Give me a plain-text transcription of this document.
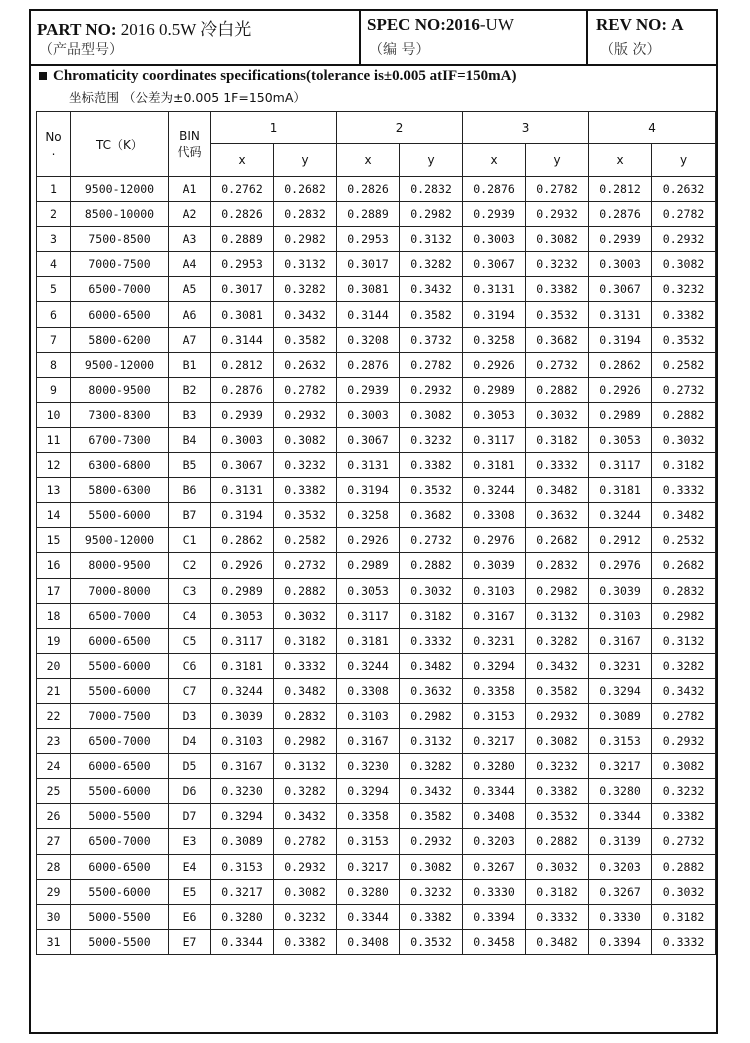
PART NO: 2016 0.5W 冷白光
（产品型号）
SPEC NO:2016-UW
（编 号）
REV NO: A
（版 次）
Chromaticity coordinates specifications(tolerance is±0.005 atIF=150mA)
坐标范围 （公差为±0.005 1F=150mA）
No
.	TC（K）	BIN
代码	1		2		3		4	
			x	y	x	y	x	y	x	y
1	9500-12000	A1	0.2762	0.2682	0.2826	0.2832	0.2876	0.2782	0.2812	0.2632
2	8500-10000	A2	0.2826	0.2832	0.2889	0.2982	0.2939	0.2932	0.2876	0.2782
3	7500-8500	A3	0.2889	0.2982	0.2953	0.3132	0.3003	0.3082	0.2939	0.2932
4	7000-7500	A4	0.2953	0.3132	0.3017	0.3282	0.3067	0.3232	0.3003	0.3082
5	6500-7000	A5	0.3017	0.3282	0.3081	0.3432	0.3131	0.3382	0.3067	0.3232
6	6000-6500	A6	0.3081	0.3432	0.3144	0.3582	0.3194	0.3532	0.3131	0.3382
7	5800-6200	A7	0.3144	0.3582	0.3208	0.3732	0.3258	0.3682	0.3194	0.3532
8	9500-12000	B1	0.2812	0.2632	0.2876	0.2782	0.2926	0.2732	0.2862	0.2582
9	8000-9500	B2	0.2876	0.2782	0.2939	0.2932	0.2989	0.2882	0.2926	0.2732
10	7300-8300	B3	0.2939	0.2932	0.3003	0.3082	0.3053	0.3032	0.2989	0.2882
11	6700-7300	B4	0.3003	0.3082	0.3067	0.3232	0.3117	0.3182	0.3053	0.3032
12	6300-6800	B5	0.3067	0.3232	0.3131	0.3382	0.3181	0.3332	0.3117	0.3182
13	5800-6300	B6	0.3131	0.3382	0.3194	0.3532	0.3244	0.3482	0.3181	0.3332
14	5500-6000	B7	0.3194	0.3532	0.3258	0.3682	0.3308	0.3632	0.3244	0.3482
15	9500-12000	C1	0.2862	0.2582	0.2926	0.2732	0.2976	0.2682	0.2912	0.2532
16	8000-9500	C2	0.2926	0.2732	0.2989	0.2882	0.3039	0.2832	0.2976	0.2682
17	7000-8000	C3	0.2989	0.2882	0.3053	0.3032	0.3103	0.2982	0.3039	0.2832
18	6500-7000	C4	0.3053	0.3032	0.3117	0.3182	0.3167	0.3132	0.3103	0.2982
19	6000-6500	C5	0.3117	0.3182	0.3181	0.3332	0.3231	0.3282	0.3167	0.3132
20	5500-6000	C6	0.3181	0.3332	0.3244	0.3482	0.3294	0.3432	0.3231	0.3282
21	5500-6000	C7	0.3244	0.3482	0.3308	0.3632	0.3358	0.3582	0.3294	0.3432
22	7000-7500	D3	0.3039	0.2832	0.3103	0.2982	0.3153	0.2932	0.3089	0.2782
23	6500-7000	D4	0.3103	0.2982	0.3167	0.3132	0.3217	0.3082	0.3153	0.2932
24	6000-6500	D5	0.3167	0.3132	0.3230	0.3282	0.3280	0.3232	0.3217	0.3082
25	5500-6000	D6	0.3230	0.3282	0.3294	0.3432	0.3344	0.3382	0.3280	0.3232
26	5000-5500	D7	0.3294	0.3432	0.3358	0.3582	0.3408	0.3532	0.3344	0.3382
27	6500-7000	E3	0.3089	0.2782	0.3153	0.2932	0.3203	0.2882	0.3139	0.2732
28	6000-6500	E4	0.3153	0.2932	0.3217	0.3082	0.3267	0.3032	0.3203	0.2882
29	5500-6000	E5	0.3217	0.3082	0.3280	0.3232	0.3330	0.3182	0.3267	0.3032
30	5000-5500	E6	0.3280	0.3232	0.3344	0.3382	0.3394	0.3332	0.3330	0.3182
31	5000-5500	E7	0.3344	0.3382	0.3408	0.3532	0.3458	0.3482	0.3394	0.3332
